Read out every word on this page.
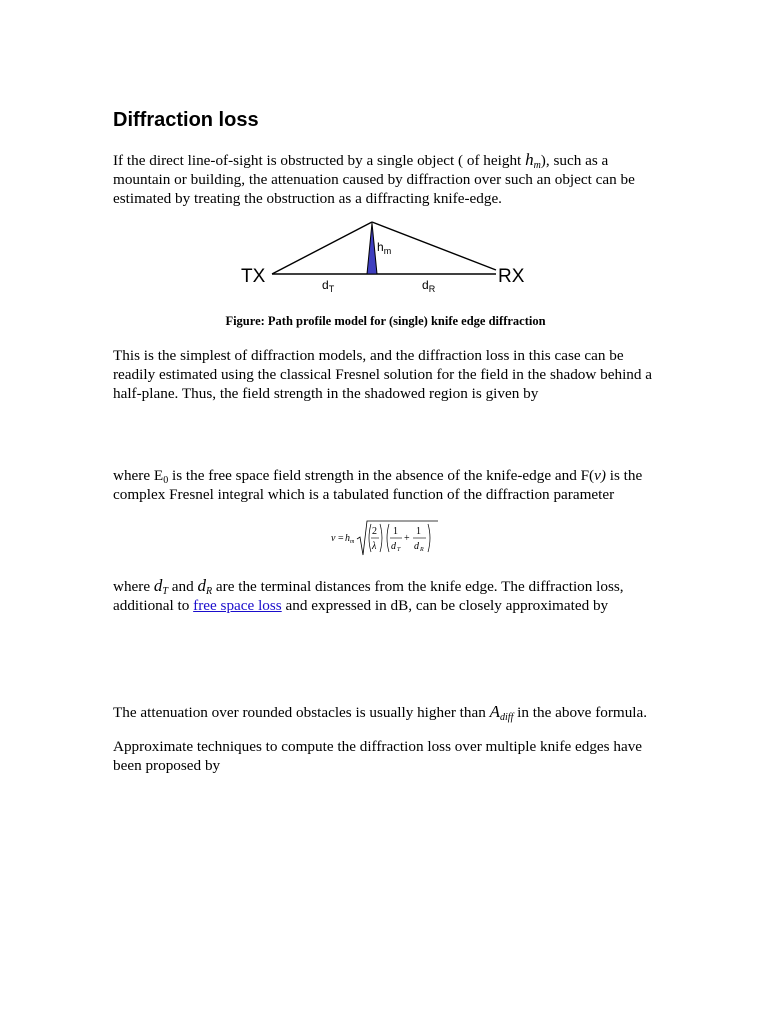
Diffraction loss

If the direct line-of-sight is obstructed by a single object ( of height $h_m$), such as a mountain or building, the attenuation caused by diffraction over such an object can be estimated by treating the obstruction as a diffracting knife-edge.

TX	RX
$h_m$
$d_T$	$d_R$

Figure: Path profile model for (single) knife edge diffraction

This is the simplest of diffraction models, and the diffraction loss in this case can be readily estimated using the classical Fresnel solution for the field in the shadow behind a half-plane. Thus, the field strength in the shadowed region is given by

where $E_0$ is the free space field strength in the absence of the knife-edge and F(v) is the complex Fresnel integral which is a tabulated function of the diffraction parameter

v = h m
2
λ
1
d T
+
1
d R

where $d_T$ and $d_R$ are the terminal distances from the knife edge. The diffraction loss, additional to free space loss and expressed in dB, can be closely approximated by

The attenuation over rounded obstacles is usually higher than $A_{diff}$ in the above formula.

Approximate techniques to compute the diffraction loss over multiple knife edges have been proposed by
